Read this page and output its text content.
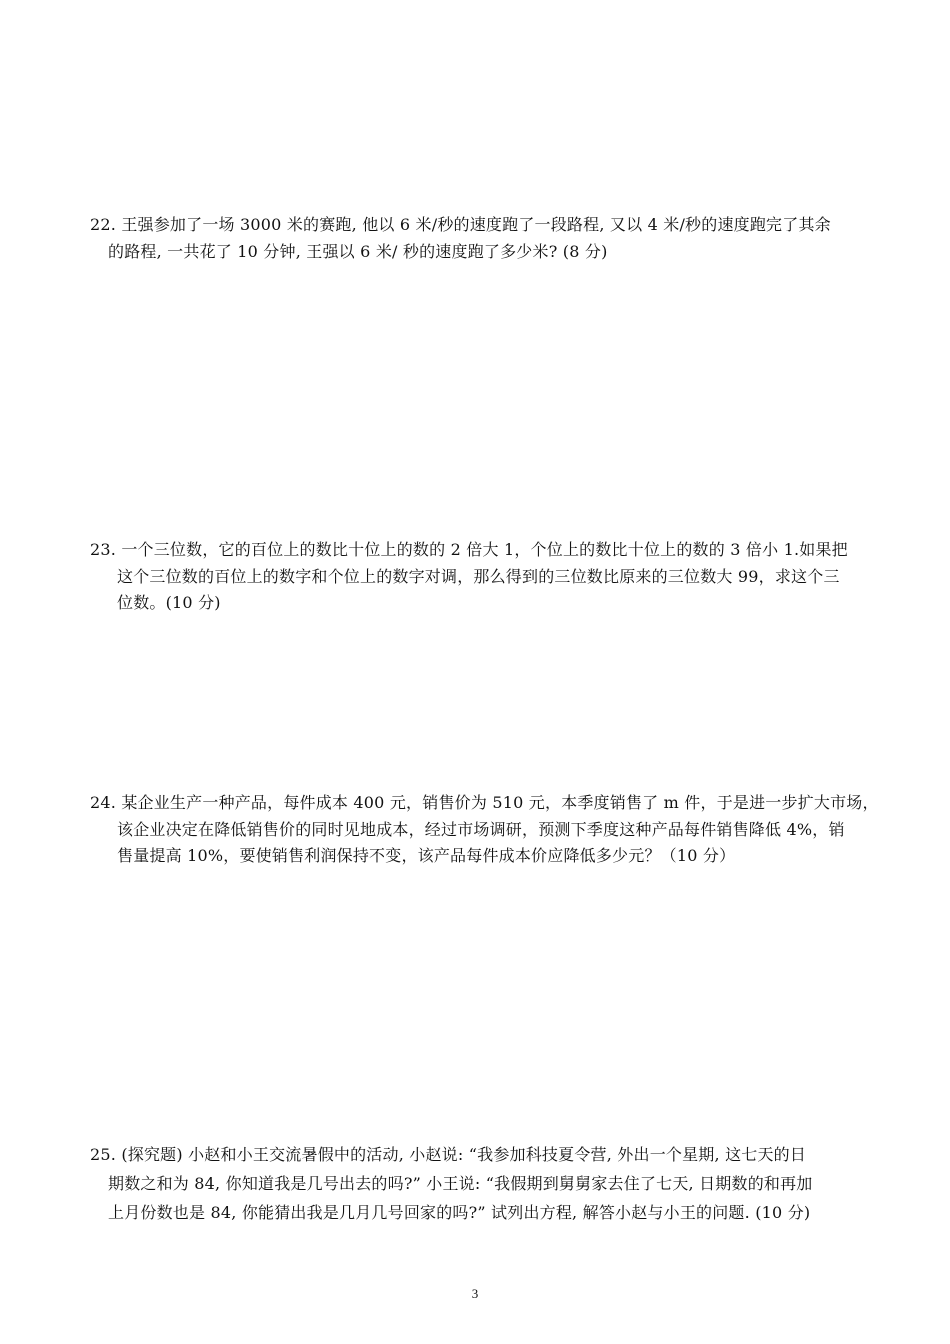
22. 王强参加了一场 3000 米的赛跑, 他以 6 米/秒的速度跑了一段路程, 又以 4 米/秒的速度跑完了其余
的路程, 一共花了 10 分钟, 王强以 6 米/ 秒的速度跑了多少米? (8 分)
23. 一个三位数，它的百位上的数比十位上的数的 2 倍大 1，个位上的数比十位上的数的 3 倍小 1.如果把
这个三位数的百位上的数字和个位上的数字对调，那么得到的三位数比原来的三位数大 99，求这个三
位数。(10 分)
24. 某企业生产一种产品，每件成本 400 元，销售价为 510 元，本季度销售了 m 件，于是进一步扩大市场，
该企业决定在降低销售价的同时见地成本，经过市场调研，预测下季度这种产品每件销售降低 4%，销
售量提高 10%，要使销售利润保持不变，该产品每件成本价应降低多少元？（10 分）
25. (探究题) 小赵和小王交流暑假中的活动, 小赵说: “我参加科技夏令营, 外出一个星期, 这七天的日
期数之和为 84, 你知道我是几号出去的吗?” 小王说: “我假期到舅舅家去住了七天, 日期数的和再加
上月份数也是 84, 你能猜出我是几月几号回家的吗?” 试列出方程, 解答小赵与小王的问题. (10 分)
3
